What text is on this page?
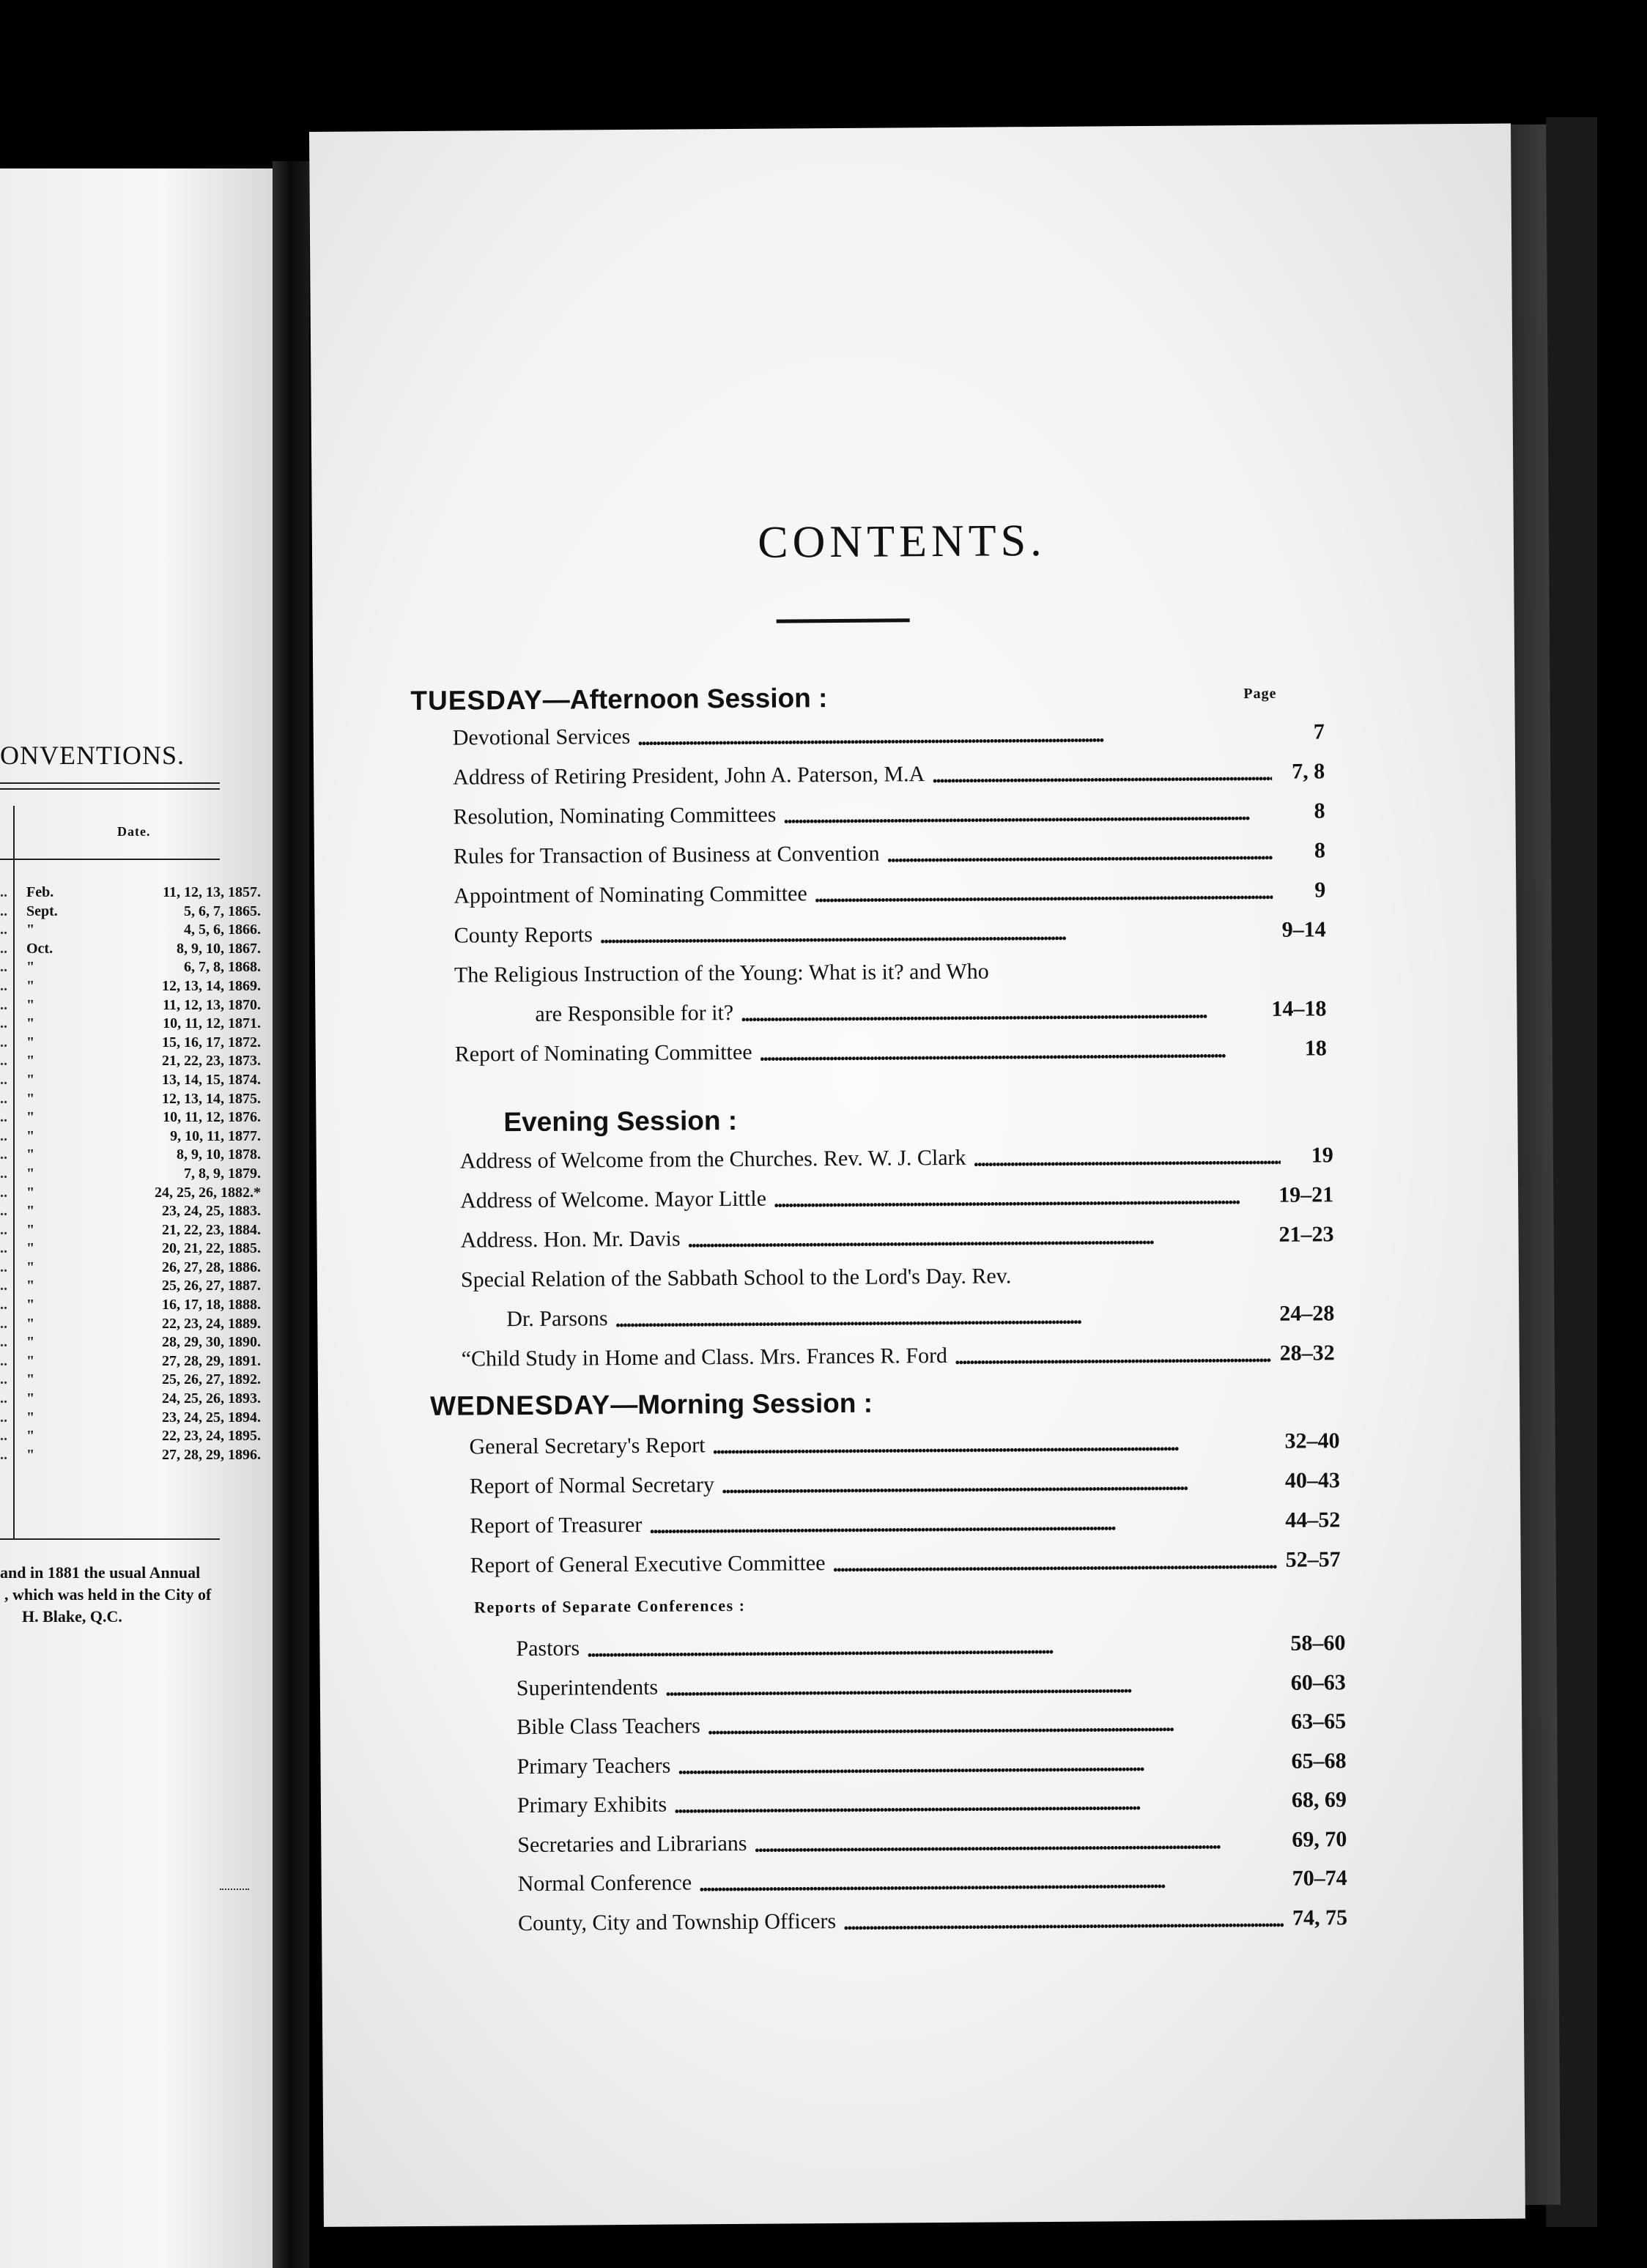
ONVENTIONS.
Date.
.. Feb.	11, 12, 13, 1857.
.. Sept.	5, 6, 7, 1865.
.. "	4, 5, 6, 1866.
.. Oct.	8, 9, 10, 1867.
.. "	6, 7, 8, 1868.
.. "	12, 13, 14, 1869.
.. "	11, 12, 13, 1870.
.. "	10, 11, 12, 1871.
.. "	15, 16, 17, 1872.
.. "	21, 22, 23, 1873.
.. "	13, 14, 15, 1874.
.. "	12, 13, 14, 1875.
.. "	10, 11, 12, 1876.
.. "	9, 10, 11, 1877.
.. "	8, 9, 10, 1878.
.. "	7, 8, 9, 1879.
.. "	24, 25, 26, 1882.*
.. "	23, 24, 25, 1883.
.. "	21, 22, 23, 1884.
.. "	20, 21, 22, 1885.
.. "	26, 27, 28, 1886.
.. "	25, 26, 27, 1887.
.. "	16, 17, 18, 1888.
.. "	22, 23, 24, 1889.
.. "	28, 29, 30, 1890.
.. "	27, 28, 29, 1891.
.. "	25, 26, 27, 1892.
.. "	24, 25, 26, 1893.
.. "	23, 24, 25, 1894.
.. "	22, 23, 24, 1895.
.. "	27, 28, 29, 1896.
and in 1881 the usual Annual
, which was held in the City of
H. Blake, Q.C.
CONTENTS.
Page
TUESDAY—Afternoon Session :
Devotional Services . . .	7
Address of Retiring President, John A. Paterson, M.A . . .	7, 8
Resolution, Nominating Committees . . .	8
Rules for Transaction of Business at Convention . . .	8
Appointment of Nominating Committee . . .	9
County Reports . . .	9–14
The Religious Instruction of the Young: What is it? and Who
are Responsible for it? . . .	14–18
Report of Nominating Committee . . .	18
Evening Session :
Address of Welcome from the Churches. Rev. W. J. Clark . . .	19
Address of Welcome. Mayor Little . . .	19–21
Address. Hon. Mr. Davis . . .	21–23
Special Relation of the Sabbath School to the Lord's Day. Rev.
Dr. Parsons . . .	24–28
“Child Study in Home and Class. Mrs. Frances R. Ford . . .	28–32
WEDNESDAY—Morning Session :
General Secretary's Report . . .	32–40
Report of Normal Secretary . . .	40–43
Report of Treasurer . . .	44–52
Report of General Executive Committee . . .	52–57
Reports of Separate Conferences :
Pastors . . .	58–60
Superintendents . . .	60–63
Bible Class Teachers . . .	63–65
Primary Teachers . . .	65–68
Primary Exhibits . . .	68, 69
Secretaries and Librarians . . .	69, 70
Normal Conference . . .	70–74
County, City and Township Officers . . .	74, 75
